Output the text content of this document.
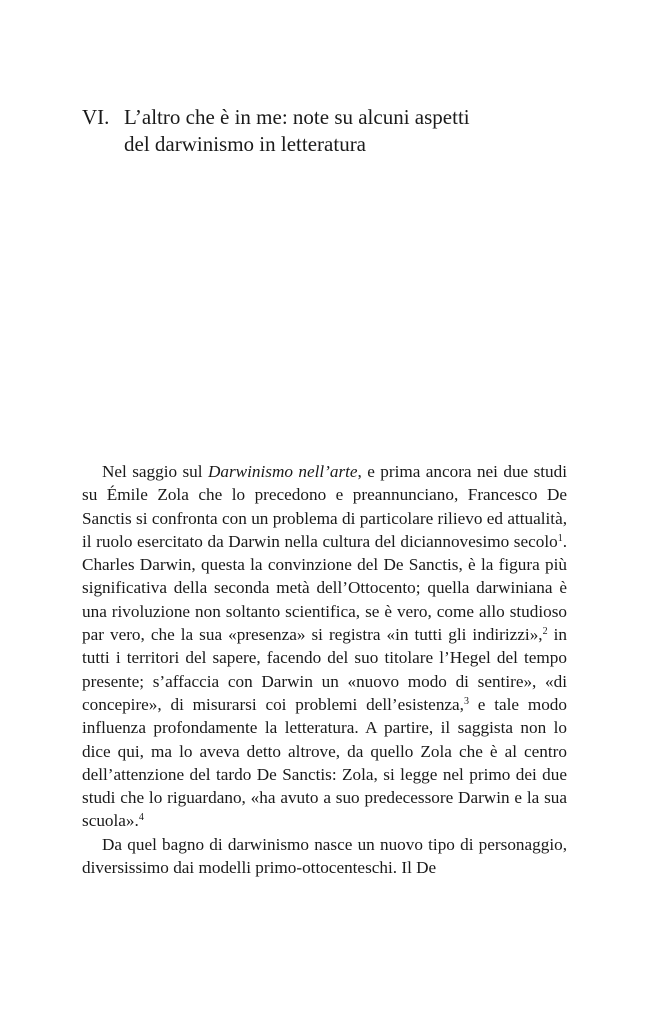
VI. L’altro che è in me: note su alcuni aspetti
del darwinismo in letteratura

Nel saggio sul Darwinismo nell’arte, e prima ancora nei due studi su Émile Zola che lo precedono e preannunciano, Francesco De Sanctis si confronta con un problema di particolare rilievo ed attualità, il ruolo esercitato da Darwin nella cultura del diciannovesimo secolo$^1$. Charles Darwin, questa la convinzione del De Sanctis, è la figura più significativa della seconda metà dell’Ottocento; quella darwiniana è una rivoluzione non soltanto scientifica, se è vero, come allo studioso par vero, che la sua «presenza» si registra «in tutti gli indirizzi»,$^2$ in tutti i territori del sapere, facendo del suo titolare l’Hegel del tempo presente; s’affaccia con Darwin un «nuovo modo di sentire», «di concepire», di misurarsi coi problemi dell’esistenza,$^3$ e tale modo influenza profondamente la letteratura. A partire, il saggista non lo dice qui, ma lo aveva detto altrove, da quello Zola che è al centro dell’attenzione del tardo De Sanctis: Zola, si legge nel primo dei due studi che lo riguardano, «ha avuto a suo predecessore Darwin e la sua scuola».$^4$

Da quel bagno di darwinismo nasce un nuovo tipo di personaggio, diversissimo dai modelli primo-ottocenteschi. Il De
